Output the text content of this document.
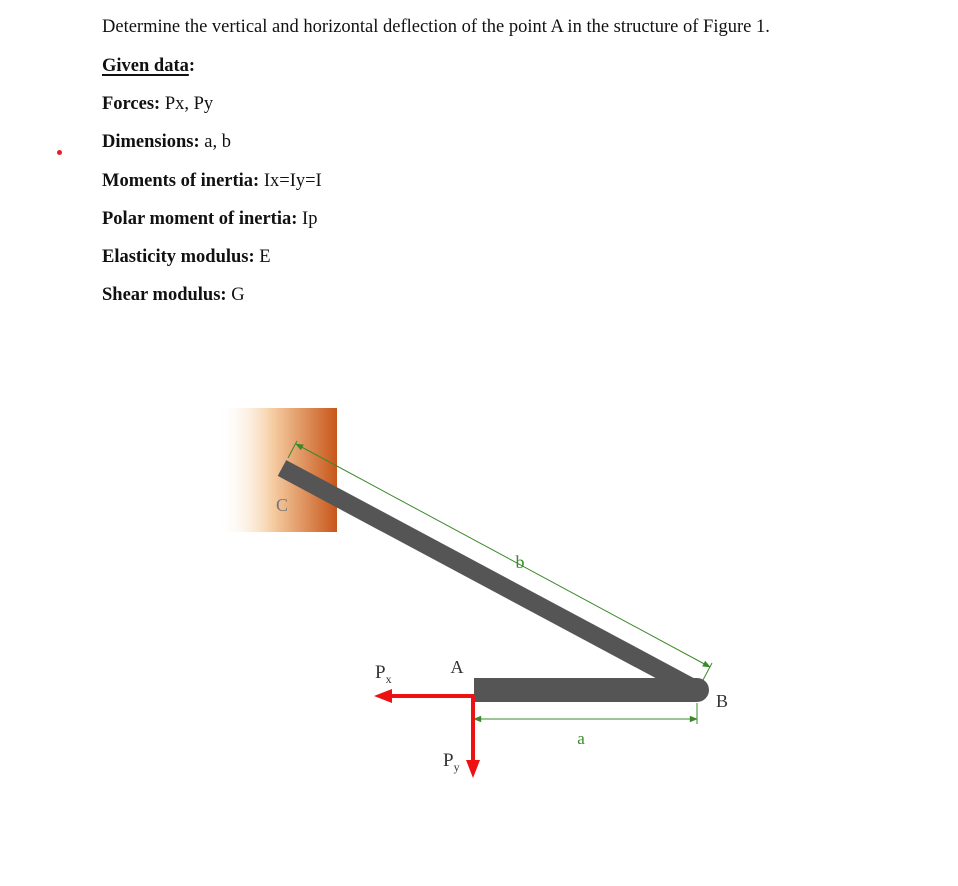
Determine the vertical and horizontal deflection of the point A in the structure of Figure 1.
Given data:
Forces: Px, Py
Dimensions: a, b
Moments of inertia: Ix=Iy=I
Polar moment of inertia: Ip
Elasticity modulus: E
Shear modulus: G
C
b
B
a
A
$P_x$
$P_y$
